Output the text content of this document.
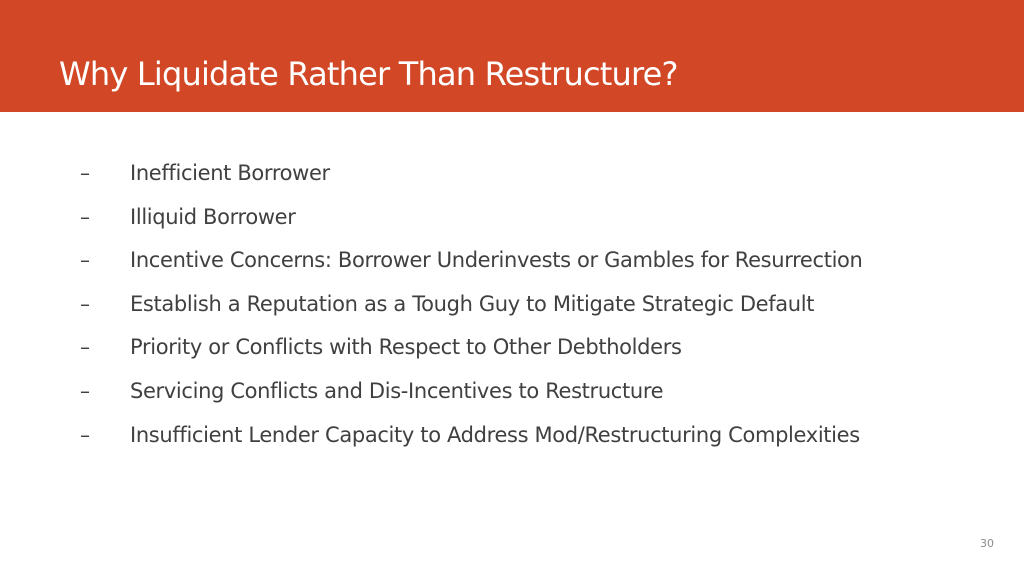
Why Liquidate Rather Than Restructure?
– Inefficient Borrower
– Illiquid Borrower
– Incentive Concerns: Borrower Underinvests or Gambles for Resurrection
– Establish a Reputation as a Tough Guy to Mitigate Strategic Default
– Priority or Conflicts with Respect to Other Debtholders
– Servicing Conflicts and Dis-Incentives to Restructure
– Insufficient Lender Capacity to Address Mod/Restructuring Complexities
30
